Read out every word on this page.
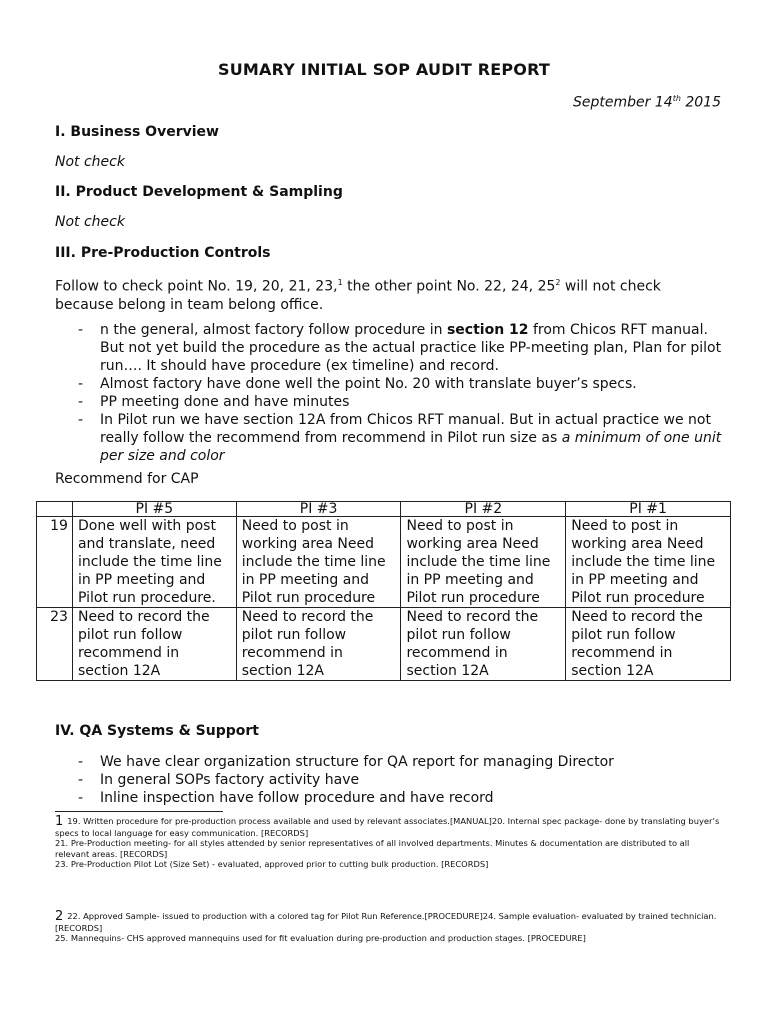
SUMARY INITIAL SOP AUDIT REPORT
September 14th 2015
I. Business Overview
Not check
II. Product Development & Sampling
Not check
III. Pre-Production Controls
Follow to check point No. 19, 20, 21, 23,$^1$ the other point No. 22, 24, $25^2$ will not check because belong in team belong office.
- n the general, almost factory follow procedure in section 12 from Chicos RFT manual. But not yet build the procedure as the actual practice like PP-meeting plan, Plan for pilot run…. It should have procedure (ex timeline) and record.
- Almost factory have done well the point No. 20 with translate buyer’s specs.
- PP meeting done and have minutes
- In Pilot run we have section 12A from Chicos RFT manual. But in actual practice we not really follow the recommend from recommend in Pilot run size as a minimum of one unit per size and color
Recommend for CAP
	PI #5	PI #3	PI #2	PI #1
19	Done well with post and translate, need include the time line in PP meeting and Pilot run procedure.	Need to post in working area Need include the time line in PP meeting and Pilot run procedure	Need to post in working area Need include the time line in PP meeting and Pilot run procedure	Need to post in working area Need include the time line in PP meeting and Pilot run procedure
23	Need to record the pilot run follow recommend in section 12A	Need to record the pilot run follow recommend in section 12A	Need to record the pilot run follow recommend in section 12A	Need to record the pilot run follow recommend in section 12A
IV. QA Systems & Support
- We have clear organization structure for QA report for managing Director
- In general SOPs factory activity have
- Inline inspection have follow procedure and have record
1 19. Written procedure for pre-production process available and used by relevant associates.[MANUAL]20. Internal spec package- done by translating buyer’s specs to local language for easy communication. [RECORDS]
21. Pre-Production meeting- for all styles attended by senior representatives of all involved departments. Minutes & documentation are distributed to all relevant areas. [RECORDS]
23. Pre-Production Pilot Lot (Size Set) - evaluated, approved prior to cutting bulk production. [RECORDS]
2 22. Approved Sample- issued to production with a colored tag for Pilot Run Reference.[PROCEDURE]24. Sample evaluation- evaluated by trained technician. [RECORDS]
25. Mannequins- CHS approved mannequins used for fit evaluation during pre-production and production stages. [PROCEDURE]
